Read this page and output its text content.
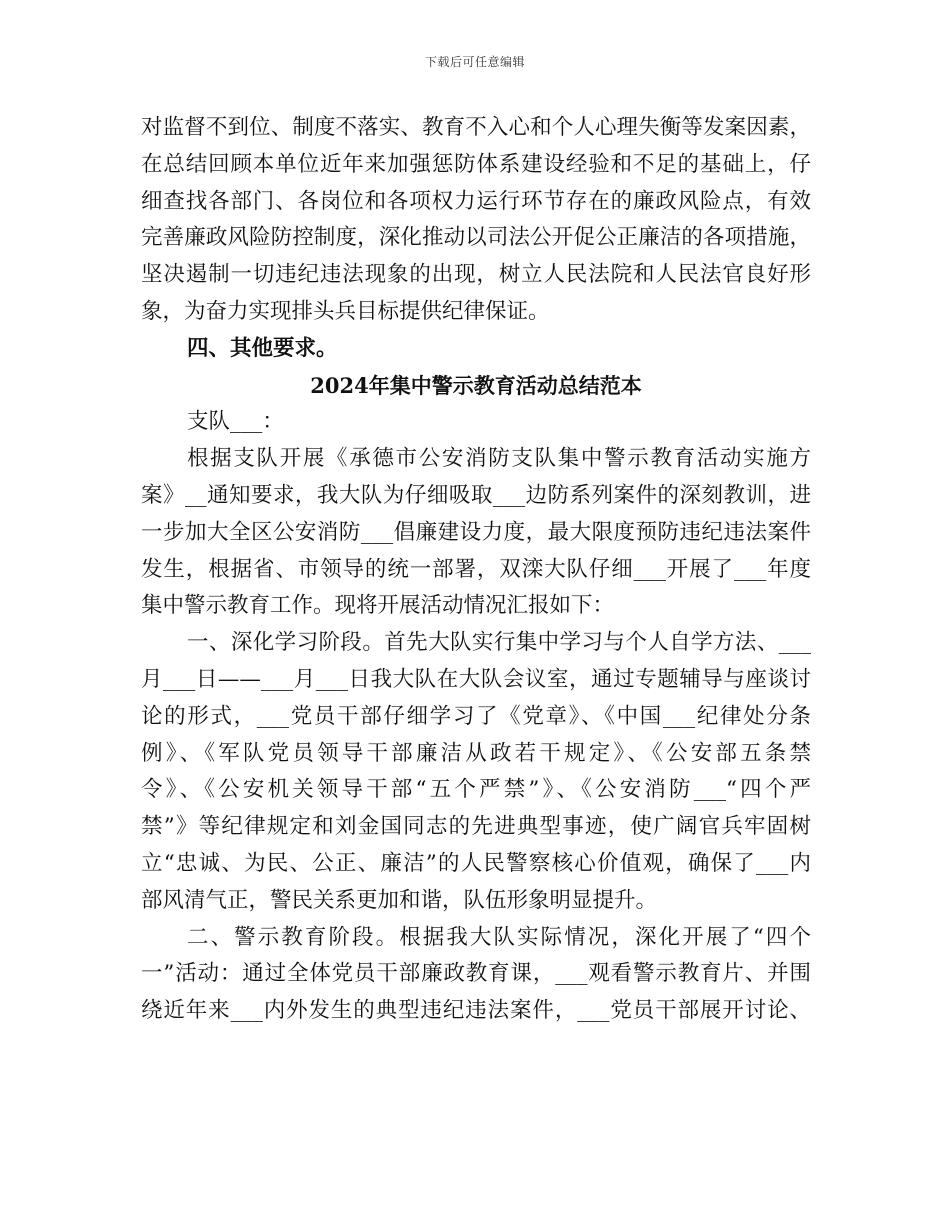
下载后可任意编辑
对监督不到位、制度不落实、教育不入心和个人心理失衡等发案因素，
在总结回顾本单位近年来加强惩防体系建设经验和不足的基础上，仔
细查找各部门、各岗位和各项权力运行环节存在的廉政风险点，有效
完善廉政风险防控制度，深化推动以司法公开促公正廉洁的各项措施，
坚决遏制一切违纪违法现象的出现，树立人民法院和人民法官良好形
象，为奋力实现排头兵目标提供纪律保证。
四、其他要求。
2024年集中警示教育活动总结范本
支队___：
根据支队开展《承德市公安消防支队集中警示教育活动实施方
案》__通知要求，我大队为仔细吸取___边防系列案件的深刻教训，进
一步加大全区公安消防___倡廉建设力度，最大限度预防违纪违法案件
发生，根据省、市领导的统一部署，双滦大队仔细___开展了___年度
集中警示教育工作。现将开展活动情况汇报如下：
一、深化学习阶段。首先大队实行集中学习与个人自学方法、___
月___日——___月___日我大队在大队会议室，通过专题辅导与座谈讨
论的形式，___党员干部仔细学习了《党章》、《中国___纪律处分条
例》、《军队党员领导干部廉洁从政若干规定》、《公安部五条禁
令》、《公安机关领导干部“五个严禁”》、《公安消防___“四个严
禁”》等纪律规定和刘金国同志的先进典型事迹，使广阔官兵牢固树
立“忠诚、为民、公正、廉洁”的人民警察核心价值观，确保了___内
部风清气正，警民关系更加和谐，队伍形象明显提升。
二、警示教育阶段。根据我大队实际情况，深化开展了“四个
一”活动：通过全体党员干部廉政教育课，___观看警示教育片、并围
绕近年来___内外发生的典型违纪违法案件，___党员干部展开讨论、
